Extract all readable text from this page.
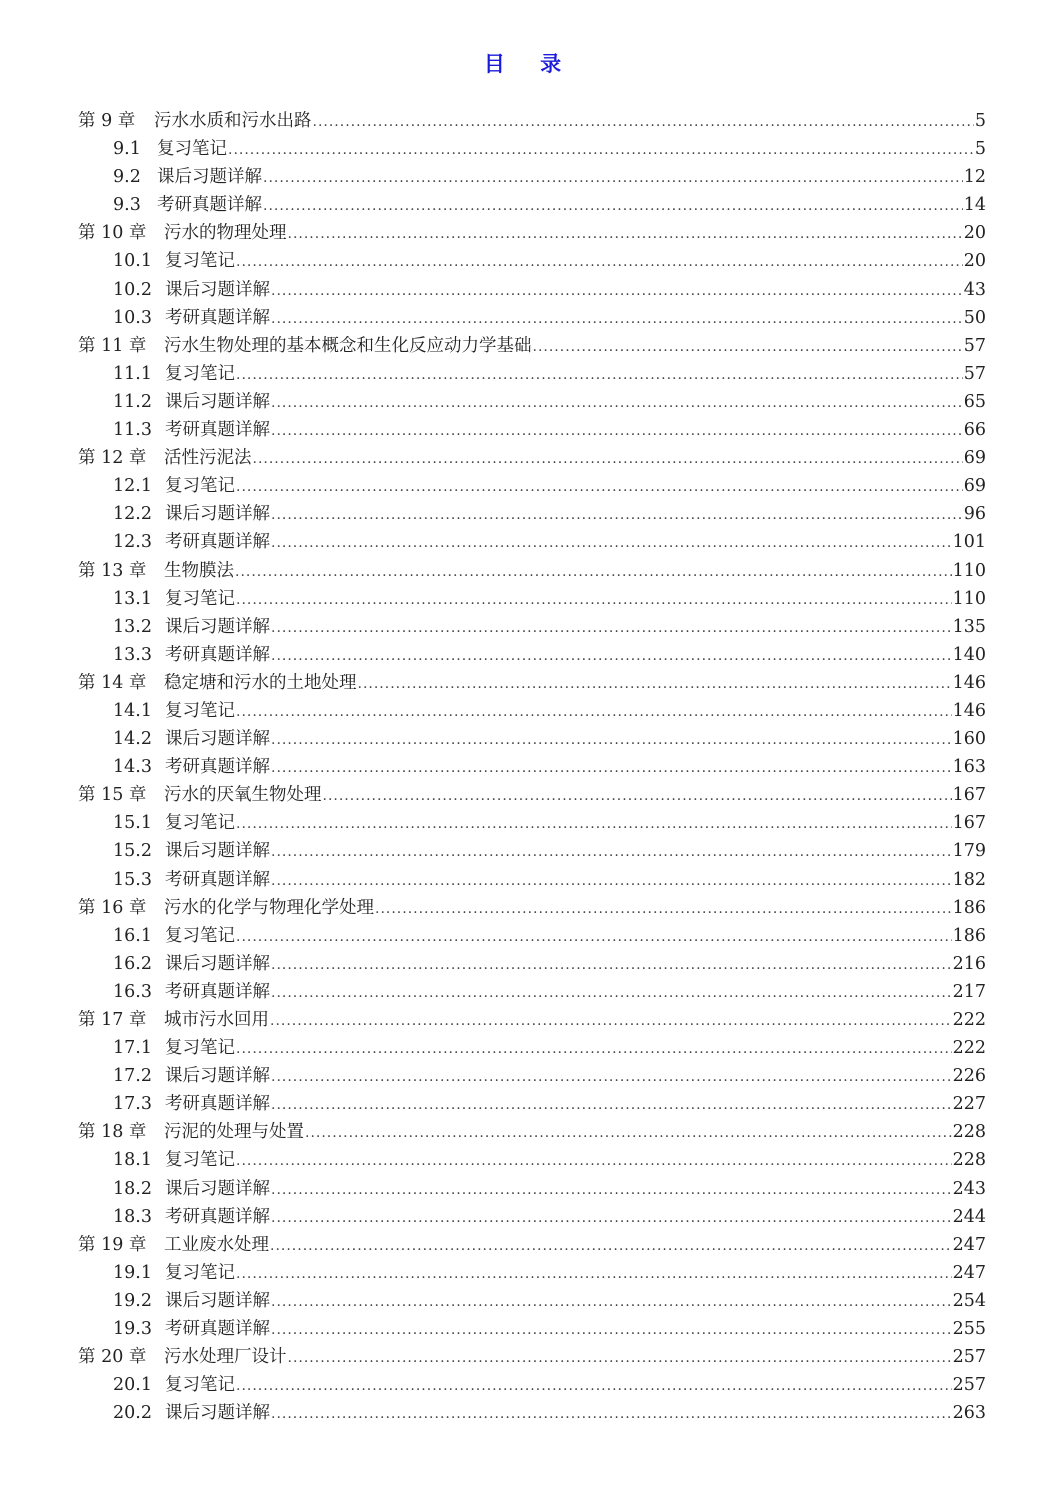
目 录
第 9 章	污水水质和污水出路 .....	5
9.1 复习笔记 .....	5
9.2 课后习题详解 .....	12
9.3 考研真题详解 .....	14
第 10 章	污水的物理处理 .....	20
10.1 复习笔记 .....	20
10.2 课后习题详解 .....	43
10.3 考研真题详解 .....	50
第 11 章	污水生物处理的基本概念和生化反应动力学基础 .....	57
11.1 复习笔记 .....	57
11.2 课后习题详解 .....	65
11.3 考研真题详解 .....	66
第 12 章	活性污泥法 .....	69
12.1 复习笔记 .....	69
12.2 课后习题详解 .....	96
12.3 考研真题详解 .....	101
第 13 章	生物膜法 .....	110
13.1 复习笔记 .....	110
13.2 课后习题详解 .....	135
13.3 考研真题详解 .....	140
第 14 章	稳定塘和污水的土地处理 .....	146
14.1 复习笔记 .....	146
14.2 课后习题详解 .....	160
14.3 考研真题详解 .....	163
第 15 章	污水的厌氧生物处理 .....	167
15.1 复习笔记 .....	167
15.2 课后习题详解 .....	179
15.3 考研真题详解 .....	182
第 16 章	污水的化学与物理化学处理 .....	186
16.1 复习笔记 .....	186
16.2 课后习题详解 .....	216
16.3 考研真题详解 .....	217
第 17 章	城市污水回用 .....	222
17.1 复习笔记 .....	222
17.2 课后习题详解 .....	226
17.3 考研真题详解 .....	227
第 18 章	污泥的处理与处置 .....	228
18.1 复习笔记 .....	228
18.2 课后习题详解 .....	243
18.3 考研真题详解 .....	244
第 19 章	工业废水处理 .....	247
19.1 复习笔记 .....	247
19.2 课后习题详解 .....	254
19.3 考研真题详解 .....	255
第 20 章	污水处理厂设计 .....	257
20.1 复习笔记 .....	257
20.2 课后习题详解 .....	263
